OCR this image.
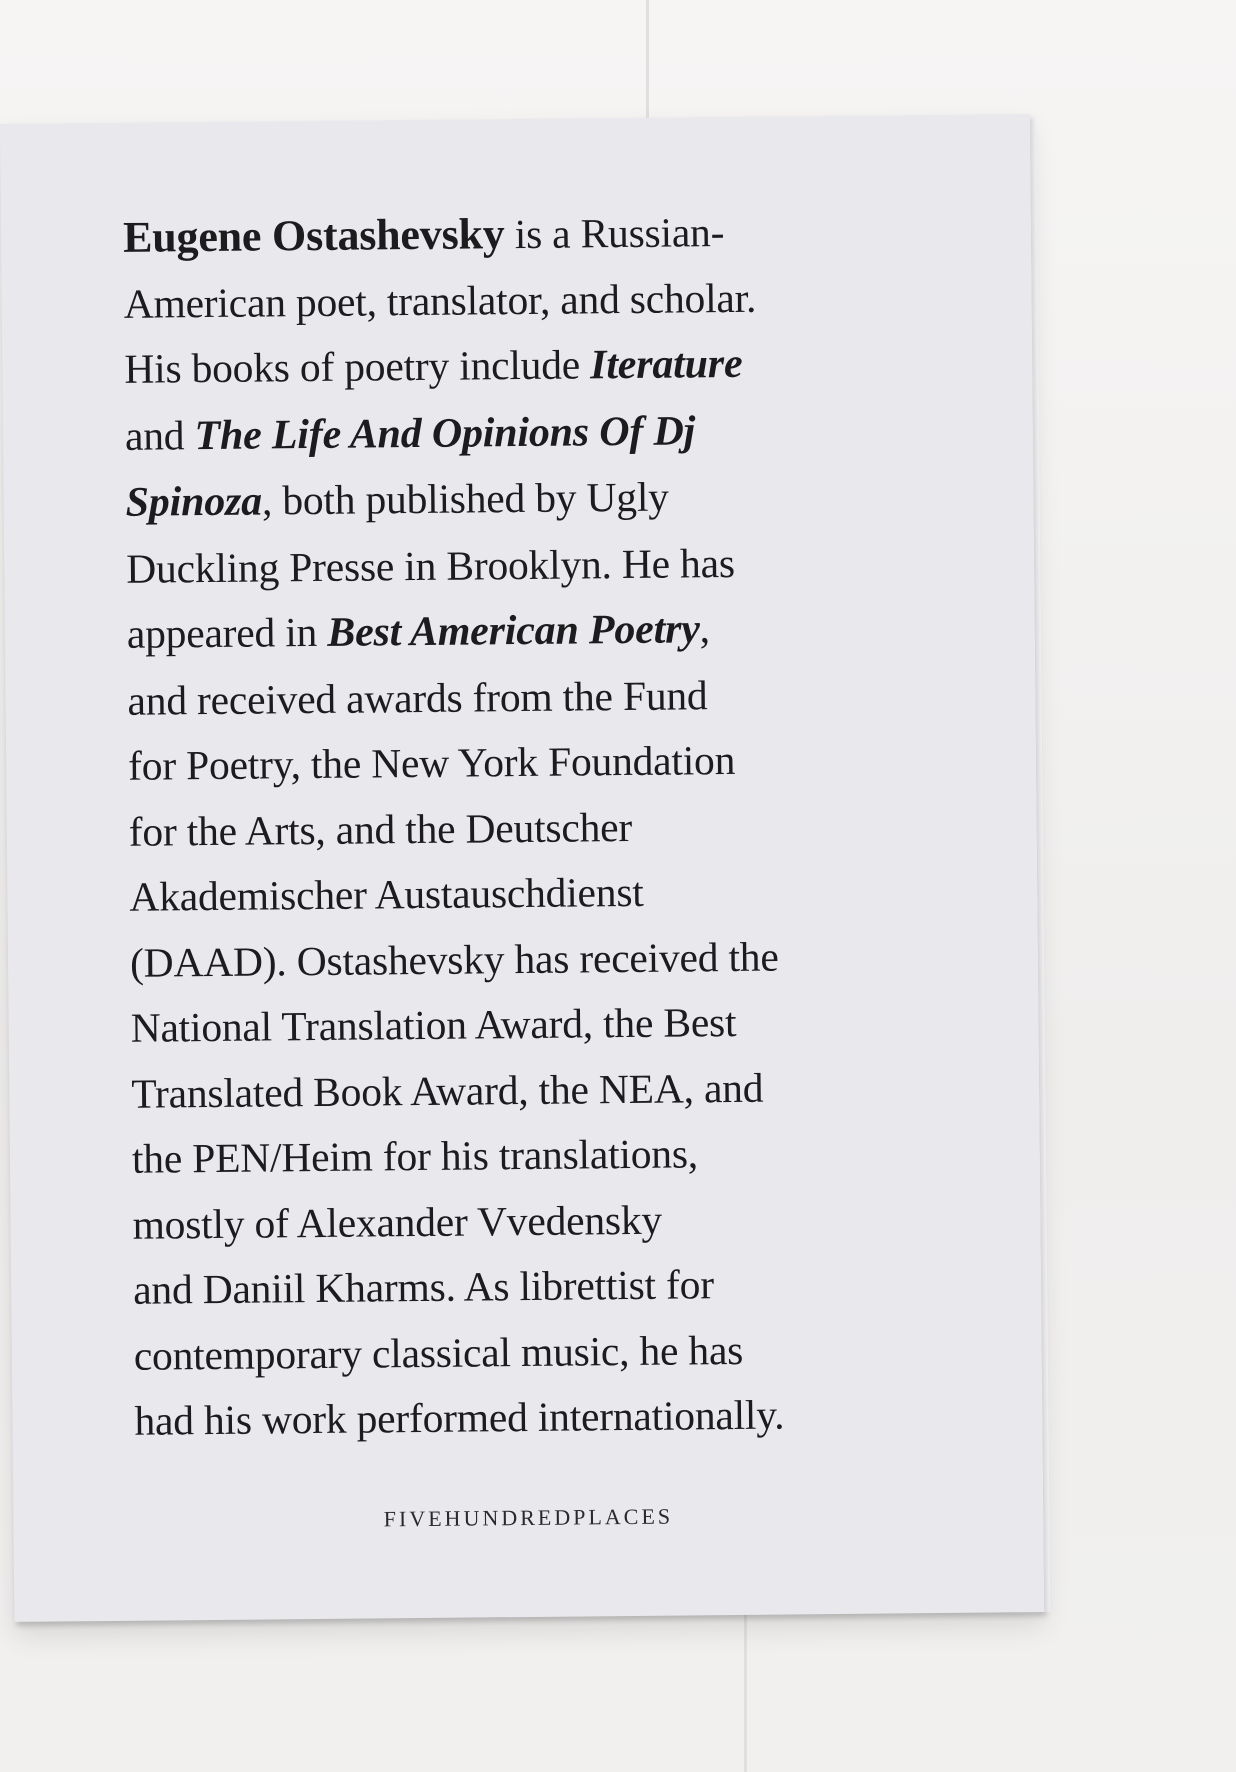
Eugene Ostashevsky is a Russian-
American poet, translator, and scholar.
His books of poetry include Iterature
and The Life And Opinions Of Dj
Spinoza, both published by Ugly
Duckling Presse in Brooklyn. He has
appeared in Best American Poetry,
and received awards from the Fund
for Poetry, the New York Foundation
for the Arts, and the Deutscher
Akademischer Austauschdienst
(DAAD). Ostashevsky has received the
National Translation Award, the Best
Translated Book Award, the NEA, and
the PEN/Heim for his translations,
mostly of Alexander Vvedensky
and Daniil Kharms. As librettist for
contemporary classical music, he has
had his work performed internationally.

FIVEHUNDREDPLACES
